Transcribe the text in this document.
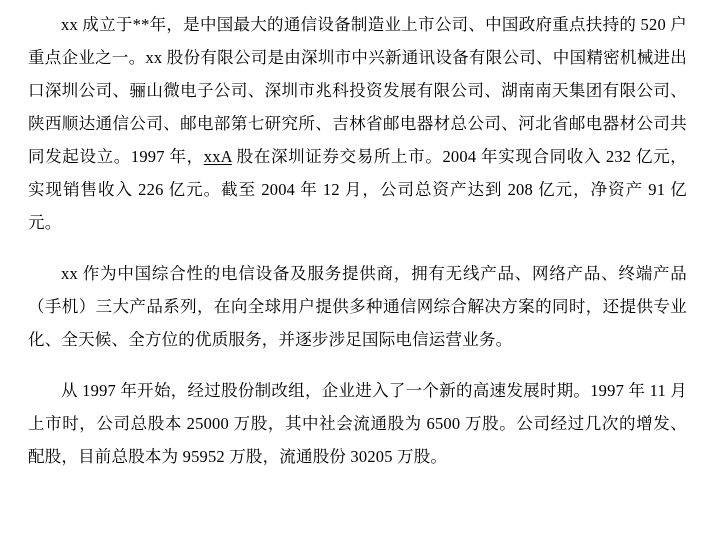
xx 成立于**年，是中国最大的通信设备制造业上市公司、中国政府重点扶持的 520 户重点企业之一。xx 股份有限公司是由深圳市中兴新通讯设备有限公司、中国精密机械进出口深圳公司、骊山微电子公司、深圳市兆科投资发展有限公司、湖南南天集团有限公司、陕西顺达通信公司、邮电部第七研究所、吉林省邮电器材总公司、河北省邮电器材公司共同发起设立。1997 年，xxA 股在深圳证券交易所上市。2004 年实现合同收入 232 亿元，实现销售收入 226 亿元。截至 2004 年 12 月，公司总资产达到 208 亿元，净资产 91 亿元。

xx 作为中国综合性的电信设备及服务提供商，拥有无线产品、网络产品、终端产品（手机）三大产品系列，在向全球用户提供多种通信网综合解决方案的同时，还提供专业化、全天候、全方位的优质服务，并逐步涉足国际电信运营业务。

从 1997 年开始，经过股份制改组，企业进入了一个新的高速发展时期。1997 年 11 月上市时，公司总股本 25000 万股，其中社会流通股为 6500 万股。公司经过几次的增发、配股，目前总股本为 95952 万股，流通股份 30205 万股。
